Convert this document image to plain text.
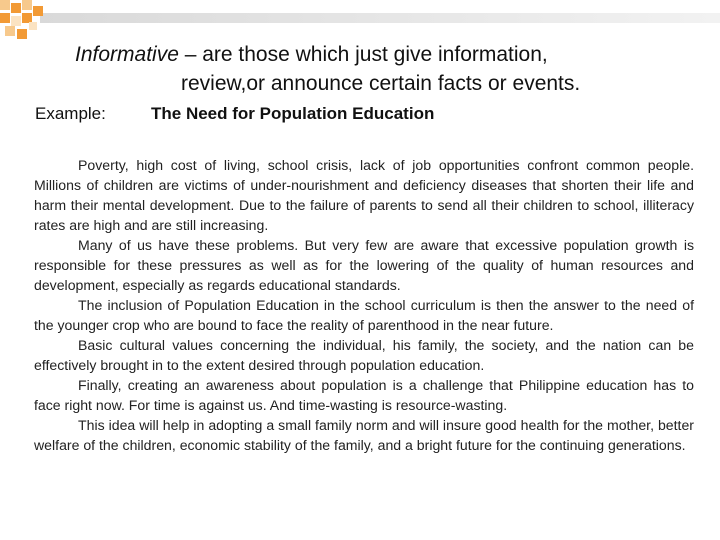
Informative – are those which just give information,
review,or announce certain facts or events.
Example:	The Need for Population Education

Poverty, high cost of living, school crisis, lack of job opportunities confront common people. Millions of children are victims of under-nourishment and deficiency diseases that shorten their life and harm their mental development. Due to the failure of parents to send all their children to school, illiteracy rates are high and are still increasing.

Many of us have these problems. But very few are aware that excessive population growth is responsible for these pressures as well as for the lowering of the quality of human resources and development, especially as regards educational standards.

The inclusion of Population Education in the school curriculum is then the answer to the need of the younger crop who are bound to face the reality of parenthood in the near future.

Basic cultural values concerning the individual, his family, the society, and the nation can be effectively brought in to the extent desired through population education.

Finally, creating an awareness about population is a challenge that Philippine education has to face right now. For time is against us. And time-wasting is resource-wasting.

This idea will help in adopting a small family norm and will insure good health for the mother, better welfare of the children, economic stability of the family, and a bright future for the continuing generations.
